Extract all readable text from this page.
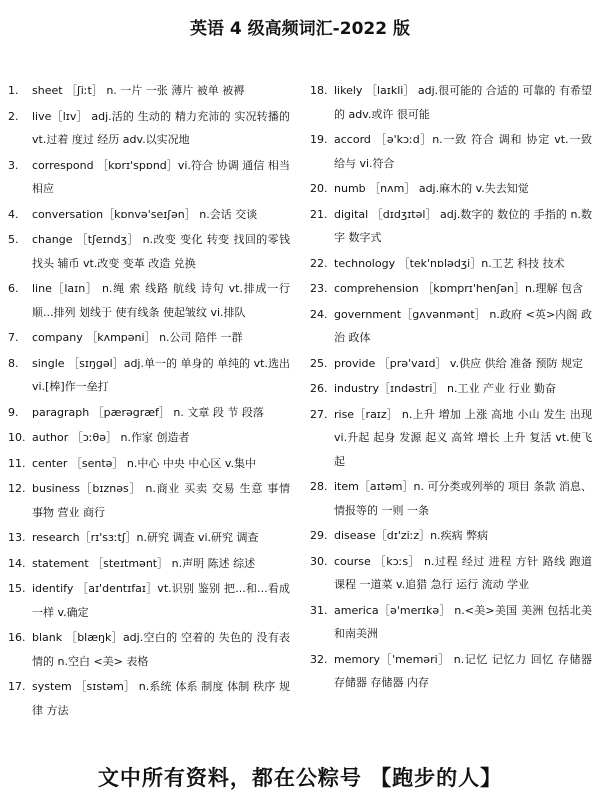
英语 4 级高频词汇-2022 版
1.	sheet ［ʃiːt］ n. 一片 一张 薄片 被单 被褥
2.	live［lɪv］ adj.活的 生动的 精力充沛的 实况转播的 vt.过着 度过 经历 adv.以实况地
3.	correspond ［kɒrɪ'spɒnd］vi.符合 协调 通信 相当 相应
4.	conversation［kɒnvə'seɪʃən］ n.会话 交谈
5.	change ［tʃeɪndʒ］ n.改变 变化 转变 找回的零钱 找头 辅币 vt.改变 变革 改造 兑换
6.	line［laɪn］ n.绳 索 线路 航线 诗句 vt.排成一行 顺...排列 划线于 使有线条 使起皱纹 vi.排队
7.	company ［kʌmpəni］ n.公司 陪伴 一群
8.	single ［sɪŋgəl］adj.单一的 单身的 单纯的 vt.选出 vi.[棒]作一垒打
9.	paragraph ［pærəgræf］ n. 文章 段 节 段落
10. author ［ɔːθə］ n.作家 创造者
11. center ［sentə］ n.中心 中央 中心区 v.集中
12. business［bɪznəs］ n.商业 买卖 交易 生意 事情 事物 营业 商行
13. research［rɪ'sɜːtʃ］n.研究 调查 vi.研究 调查
14. statement ［steɪtmənt］ n.声明 陈述 综述
15. identify ［aɪ'dentɪfaɪ］vt.识别 鉴别 把...和...看成一样 v.确定
16. blank ［blæŋk］adj.空白的 空着的 失色的 没有表情的 n.空白 <美> 表格
17. system ［sɪstəm］ n.系统 体系 制度 体制 秩序 规律 方法
18. likely ［laɪkli］ adj.很可能的 合适的 可靠的 有希望的 adv.或许 很可能
19. accord ［ə'kɔːd］n.一致 符合 调和 协定 vt.一致 给与 vi.符合
20. numb ［nʌm］ adj.麻木的 v.失去知觉
21. digital ［dɪdʒɪtəl］ adj.数字的 数位的 手指的 n.数字 数字式
22. technology ［tek'nɒlədʒi］n.工艺 科技 技术
23. comprehension ［kɒmprɪ'henʃən］n.理解 包含
24. government［gʌvənmənt］ n.政府 <英>内阁 政治 政体
25. provide ［prə'vaɪd］ v.供应 供给 准备 预防 规定
26. industry［ɪndəstri］ n.工业 产业 行业 勤奋
27. rise［raɪz］ n.上升 增加 上涨 高地 小山 发生 出现 vi.升起 起身 发源 起义 高耸 增长 上升 复活 vt.使飞起
28. item［aɪtəm］n. 可分类或列举的 项目 条款 消息、情报等的 一则 一条
29. disease［dɪ'ziːz］n.疾病 弊病
30. course ［kɔːs］ n.过程 经过 进程 方针 路线 跑道 课程 一道菜 v.追猎 急行 运行 流动 学业
31. america［ə'merɪkə］ n.<美>美国 美洲 包括北美和南美洲
32. memory［'meməri］ n.记忆 记忆力 回忆 存储器 存储器 存储器 内存
文中所有资料，都在公粽号 【跑步的人】
